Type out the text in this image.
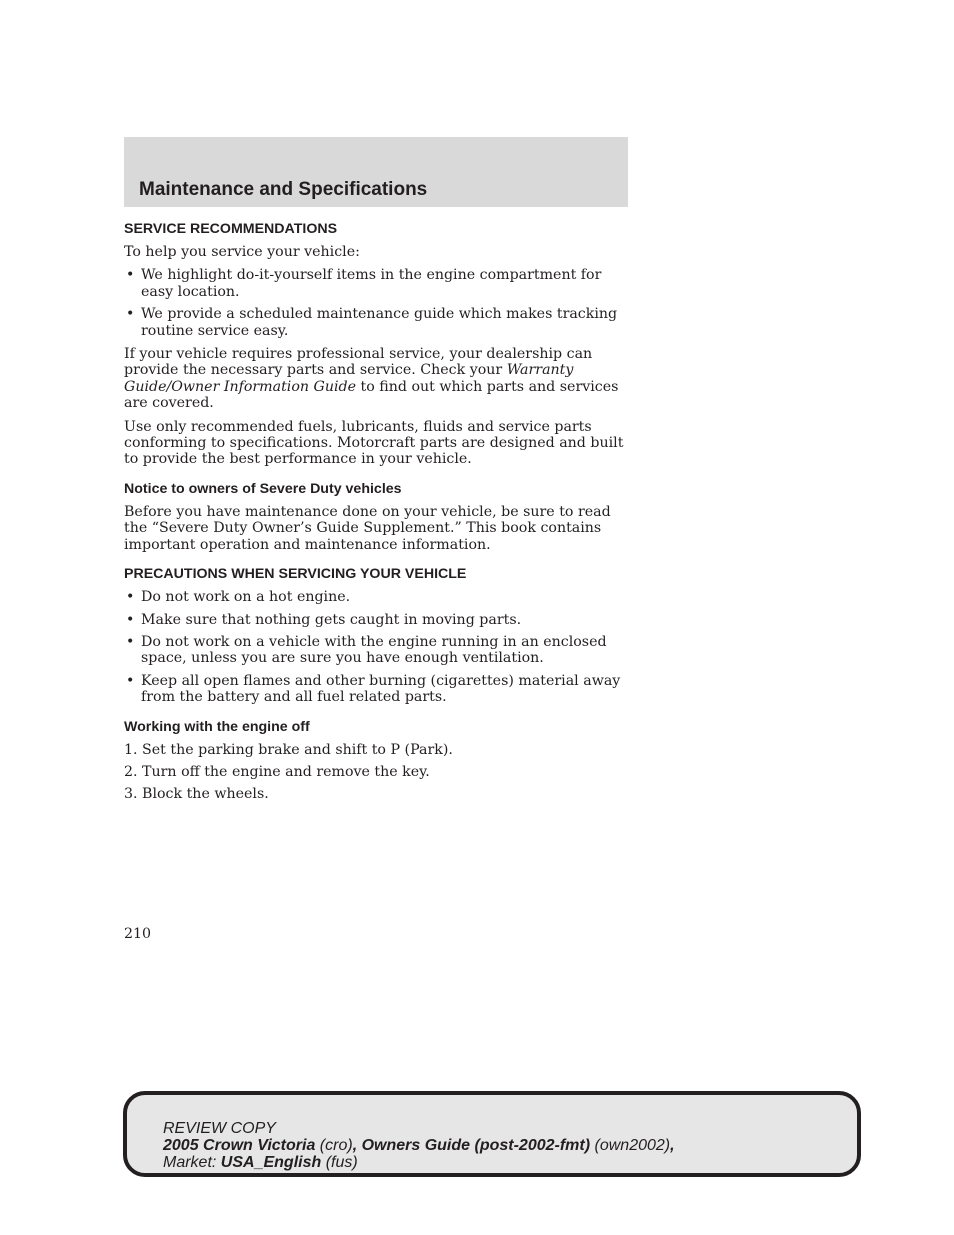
Maintenance and Specifications
SERVICE RECOMMENDATIONS

To help you service your vehicle:

• We highlight do-it-yourself items in the engine compartment for easy location.
• We provide a scheduled maintenance guide which makes tracking routine service easy.

If your vehicle requires professional service, your dealership can provide the necessary parts and service. Check your Warranty Guide/Owner Information Guide to find out which parts and services are covered.

Use only recommended fuels, lubricants, fluids and service parts conforming to specifications. Motorcraft parts are designed and built to provide the best performance in your vehicle.

Notice to owners of Severe Duty vehicles

Before you have maintenance done on your vehicle, be sure to read the “Severe Duty Owner’s Guide Supplement.” This book contains important operation and maintenance information.

PRECAUTIONS WHEN SERVICING YOUR VEHICLE
• Do not work on a hot engine.
• Make sure that nothing gets caught in moving parts.
• Do not work on a vehicle with the engine running in an enclosed space, unless you are sure you have enough ventilation.
• Keep all open flames and other burning (cigarettes) material away from the battery and all fuel related parts.
Working with the engine off
1. Set the parking brake and shift to P (Park).
2. Turn off the engine and remove the key.
3. Block the wheels.
210
REVIEW COPY
2005 Crown Victoria (cro), Owners Guide (post-2002-fmt) (own2002),
Market: USA_English (fus)
